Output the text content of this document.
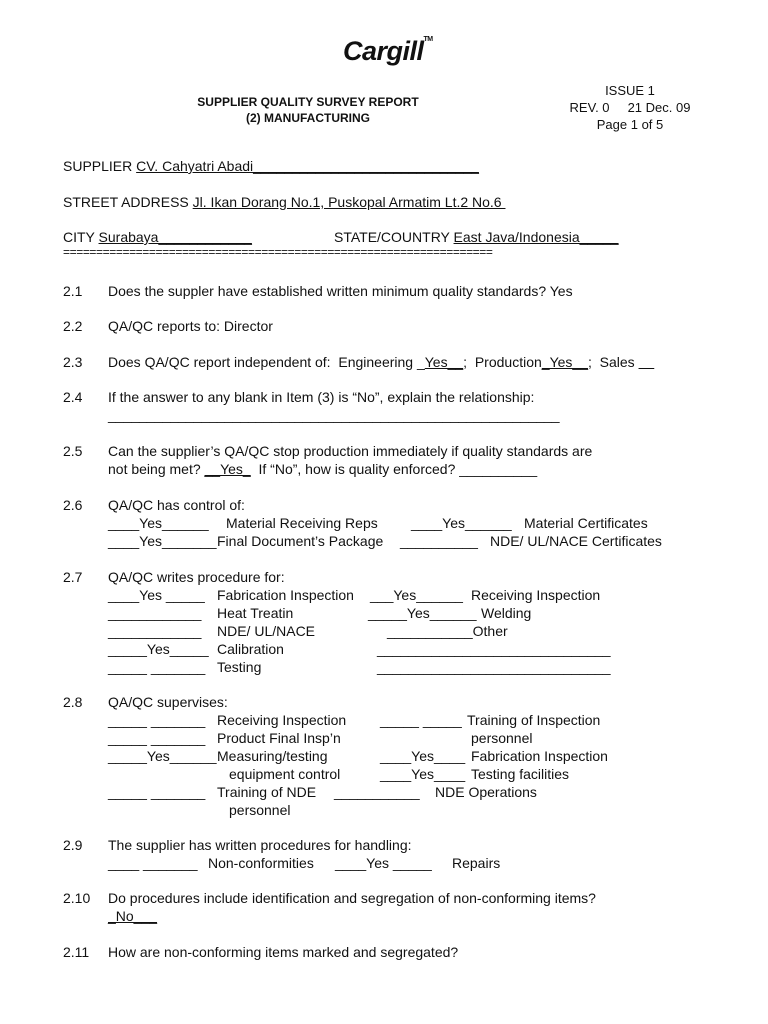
Cargill™
SUPPLIER QUALITY SURVEY REPORT
(2) MANUFACTURING
ISSUE 1
REV. 0     21 Dec. 09
Page 1 of 5
SUPPLIER CV. Cahyatri Abadi_____________________________
STREET ADDRESS Jl. Ikan Dorang No.1, Puskopal Armatim Lt.2 No.6
CITY Surabaya____________	STATE/COUNTRY East Java/Indonesia_____
=================================================================
2.1	Does the suppler have established written minimum quality standards? Yes
2.2	QA/QC reports to: Director
2.3	Does QA/QC report independent of:  Engineering _Yes__;  Production_Yes__;  Sales __
2.4	If the answer to any blank in Item (3) is “No”, explain the relationship:
__________________________________________________________
2.5	Can the supplier’s QA/QC stop production immediately if quality standards are
not being met? __Yes_  If “No”, how is quality enforced? __________
2.6	QA/QC has control of:
____Yes______ Material Receiving Reps ____Yes______ Material Certificates
____Yes_______ Final Document’s Package __________ NDE/ UL/NACE Certificates
2.7	QA/QC writes procedure for:
____Yes _____ Fabrication Inspection ___Yes______ Receiving Inspection
____________ Heat Treatin	_____Yes______ Welding
____________ NDE/ UL/NACE	___________Other
_____Yes_____ Calibration	______________________________
_____ _______ Testing	______________________________
2.8	QA/QC supervises:
_____ _______ Receiving Inspection _____ _____ Training of Inspection
_____ _______ Product Final Insp’n	personnel
_____Yes______ Measuring/testing	____Yes____ Fabrication Inspection
equipment control	____Yes____ Testing facilities
_____ _______ Training of NDE ___________ NDE Operations
personnel
2.9	The supplier has written procedures for handling:
____ _______ Non-conformities ____Yes _____ Repairs
2.10	Do procedures include identification and segregation of non-conforming items?
_No___
2.11	How are non-conforming items marked and segregated?
